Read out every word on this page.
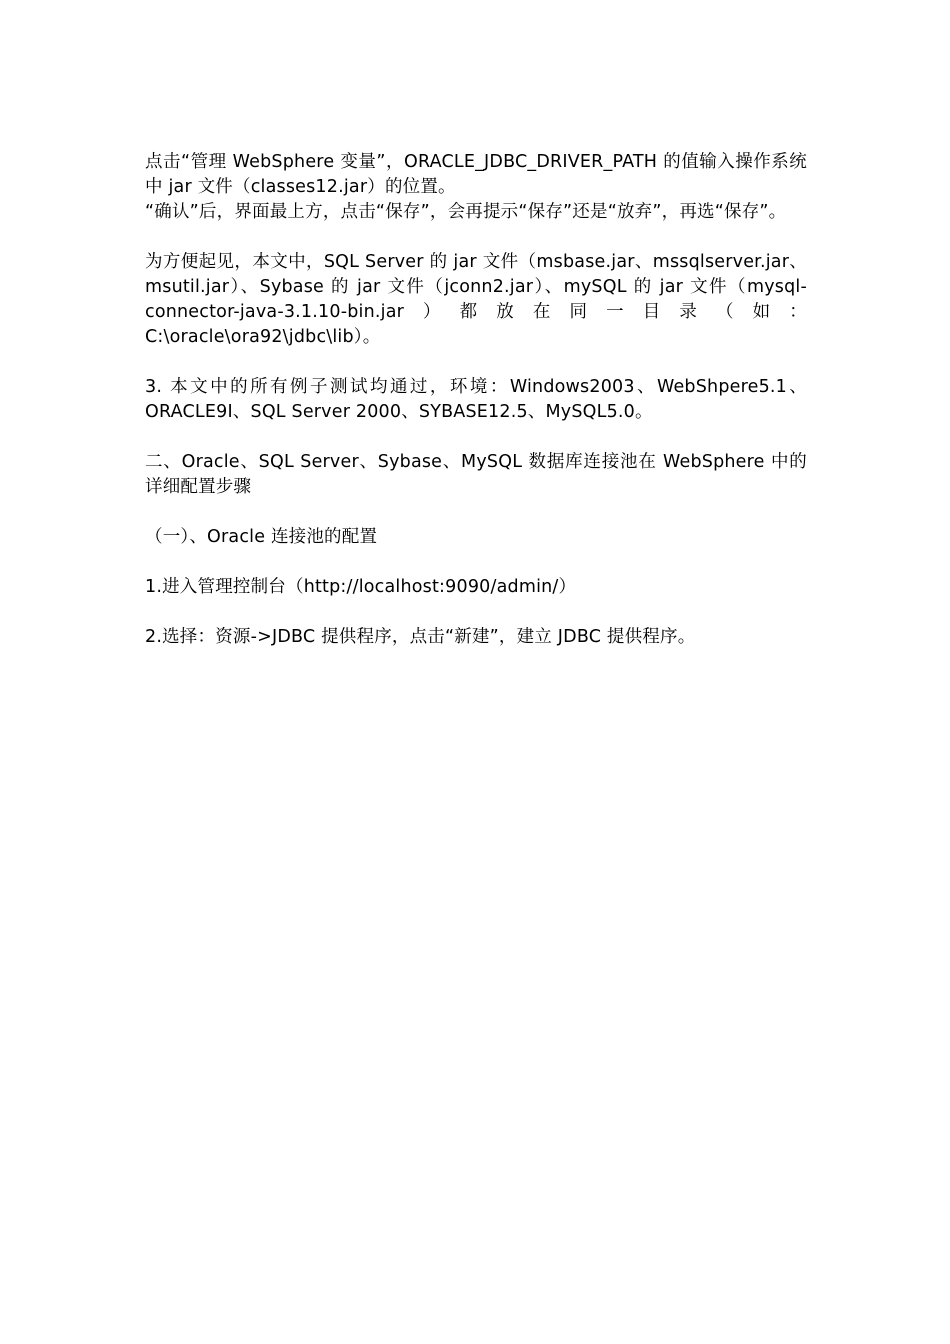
点击“管理 WebSphere 变量”，ORACLE_JDBC_DRIVER_PATH 的值输入操作系统中 jar 文件（classes12.jar）的位置。

“确认”后，界面最上方，点击“保存”，会再提示“保存”还是“放弃”，再选“保存”。

为方便起见，本文中，SQL Server 的 jar 文件（msbase.jar、mssqlserver.jar、msutil.jar）、Sybase 的 jar 文件（jconn2.jar）、mySQL 的 jar 文件（mysql-connector-java-3.1.10-bin.jar）都放在同一目录（如：C:\oracle\ora92\jdbc\lib）。

3. 本文中的所有例子测试均通过，环境：Windows2003、WebShpere5.1、ORACLE9I、SQL Server 2000、SYBASE12.5、MySQL5.0。

二、Oracle、SQL Server、Sybase、MySQL 数据库连接池在 WebSphere 中的详细配置步骤

（一）、Oracle 连接池的配置

1.进入管理控制台（http://localhost:9090/admin/）

2.选择：资源->JDBC 提供程序，点击“新建”，建立 JDBC 提供程序。
